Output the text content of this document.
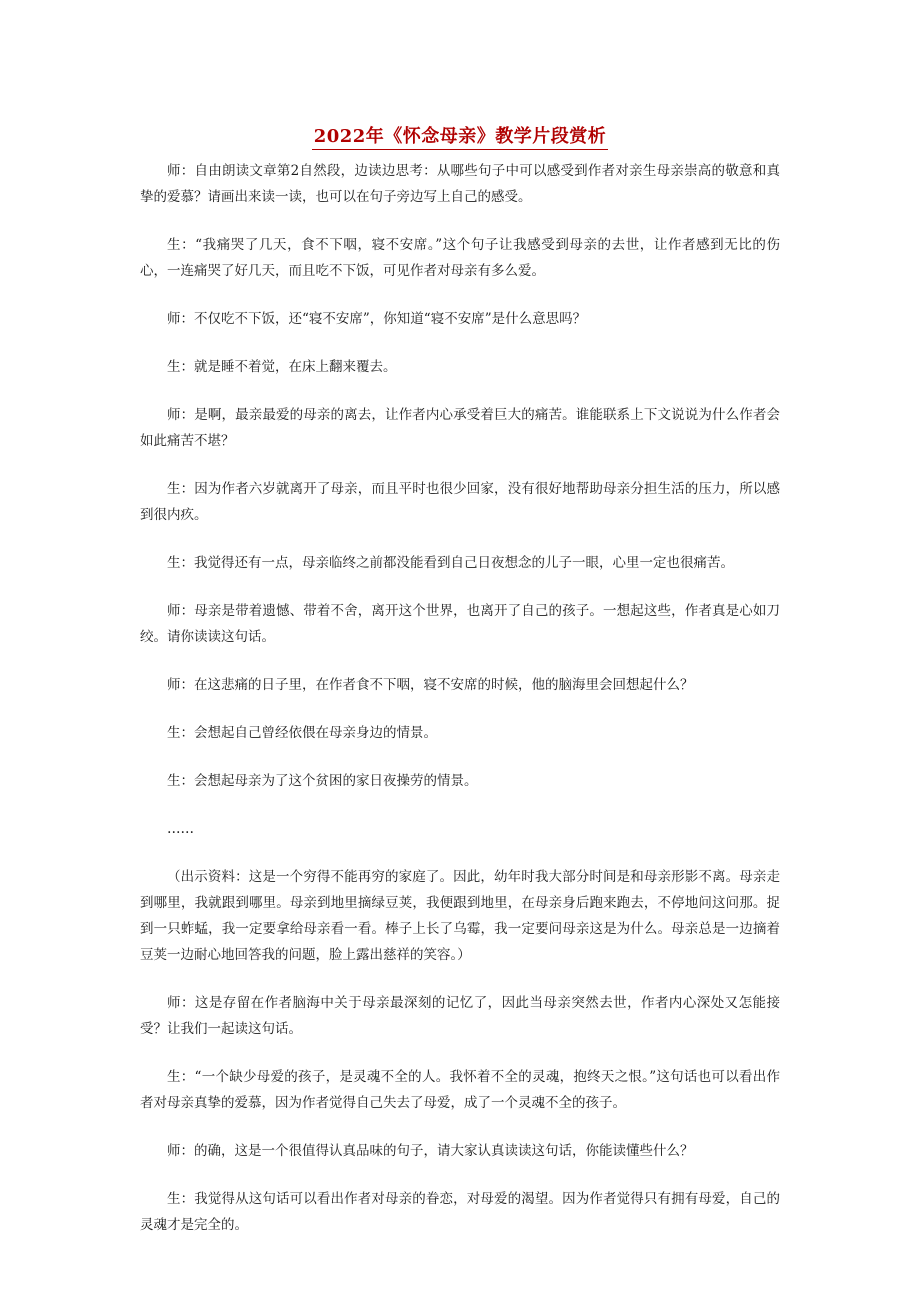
2022年《怀念母亲》教学片段赏析

师：自由朗读文章第2自然段，边读边思考：从哪些句子中可以感受到作者对亲生母亲崇高的敬意和真挚的爱慕？请画出来读一读，也可以在句子旁边写上自己的感受。

生：“我痛哭了几天，食不下咽，寝不安席。”这个句子让我感受到母亲的去世，让作者感到无比的伤心，一连痛哭了好几天，而且吃不下饭，可见作者对母亲有多么爱。

师：不仅吃不下饭，还“寝不安席”，你知道“寝不安席”是什么意思吗？

生：就是睡不着觉，在床上翻来覆去。

师：是啊，最亲最爱的母亲的离去，让作者内心承受着巨大的痛苦。谁能联系上下文说说为什么作者会如此痛苦不堪？

生：因为作者六岁就离开了母亲，而且平时也很少回家，没有很好地帮助母亲分担生活的压力，所以感到很内疚。

生：我觉得还有一点，母亲临终之前都没能看到自己日夜想念的儿子一眼，心里一定也很痛苦。

师：母亲是带着遗憾、带着不舍，离开这个世界，也离开了自己的孩子。一想起这些，作者真是心如刀绞。请你读读这句话。

师：在这悲痛的日子里，在作者食不下咽，寝不安席的时候，他的脑海里会回想起什么？

生：会想起自己曾经依偎在母亲身边的情景。

生：会想起母亲为了这个贫困的家日夜操劳的情景。

……

（出示资料：这是一个穷得不能再穷的家庭了。因此，幼年时我大部分时间是和母亲形影不离。母亲走到哪里，我就跟到哪里。母亲到地里摘绿豆荚，我便跟到地里，在母亲身后跑来跑去，不停地问这问那。捉到一只蚱蜢，我一定要拿给母亲看一看。棒子上长了乌霉，我一定要问母亲这是为什么。母亲总是一边摘着豆荚一边耐心地回答我的问题，脸上露出慈祥的笑容。）

师：这是存留在作者脑海中关于母亲最深刻的记忆了，因此当母亲突然去世，作者内心深处又怎能接受？让我们一起读这句话。

生：“一个缺少母爱的孩子，是灵魂不全的人。我怀着不全的灵魂，抱终天之恨。”这句话也可以看出作者对母亲真挚的爱慕，因为作者觉得自己失去了母爱，成了一个灵魂不全的孩子。

师：的确，这是一个很值得认真品味的句子，请大家认真读读这句话，你能读懂些什么？

生：我觉得从这句话可以看出作者对母亲的眷恋，对母爱的渴望。因为作者觉得只有拥有母爱，自己的灵魂才是完全的。
